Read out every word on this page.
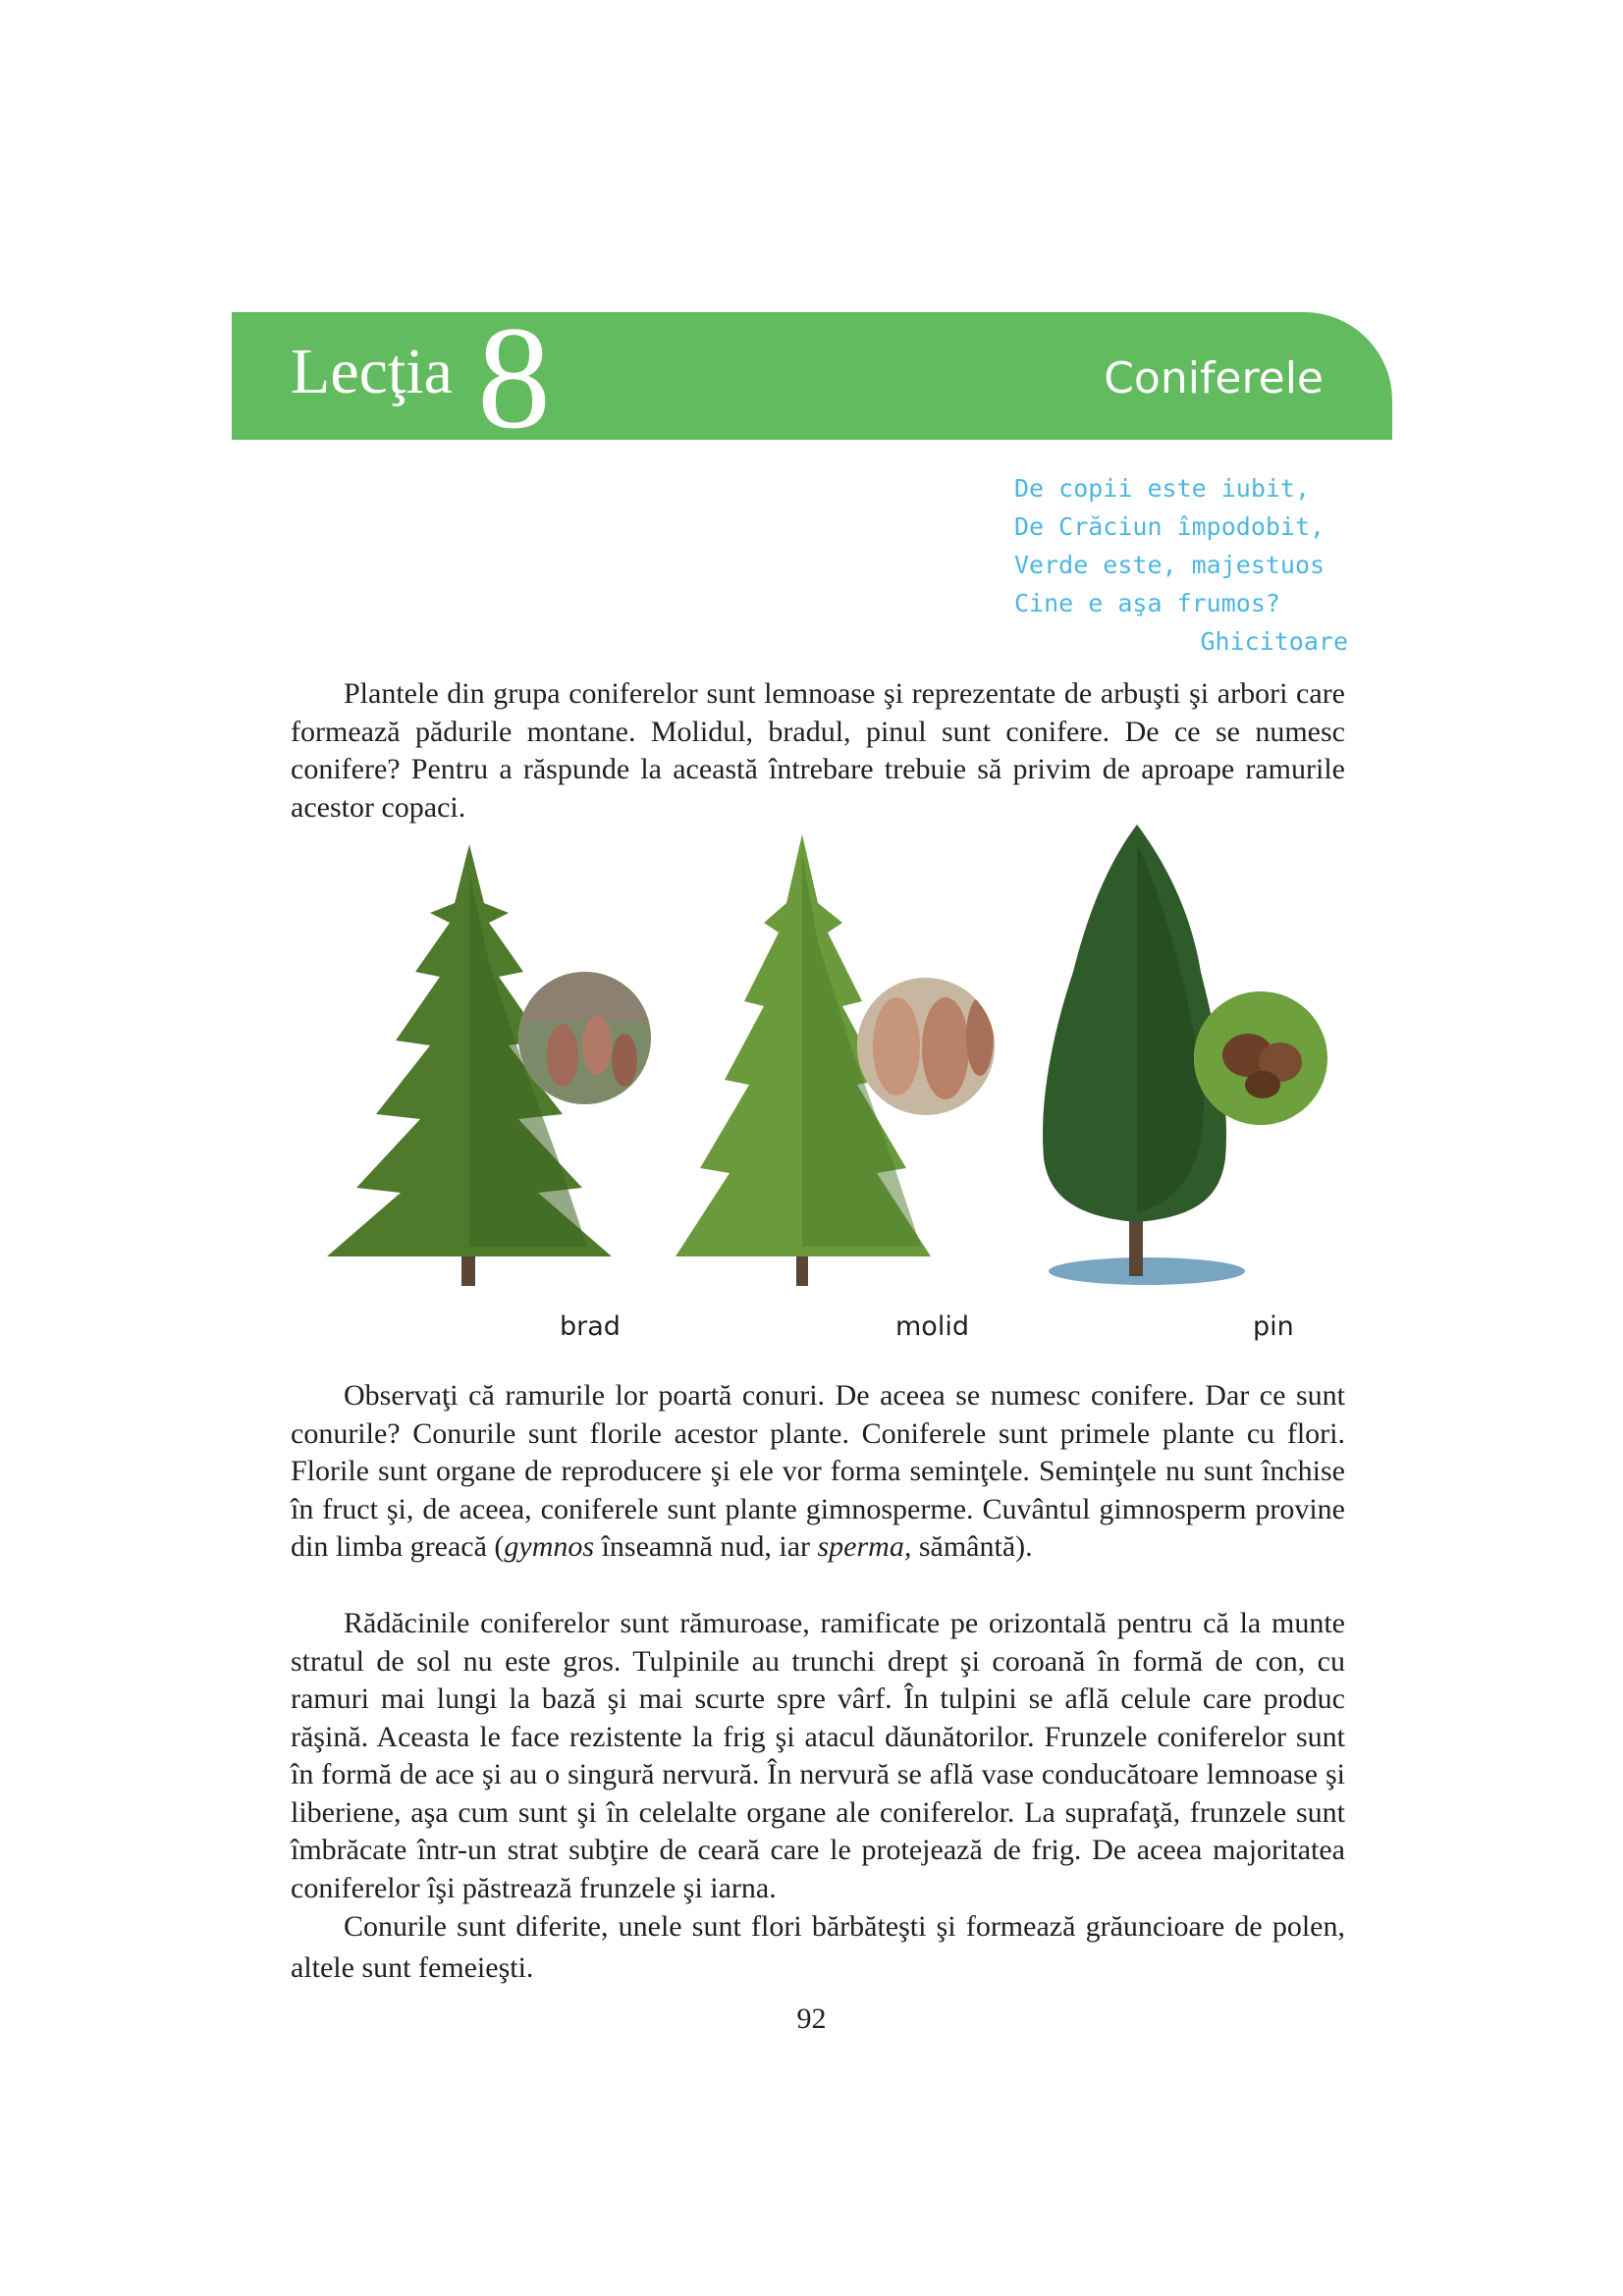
Lecţia 8	Coniferele
De copii este iubit,
De Crăciun împodobit,
Verde este, majestuos
Cine e aşa frumos?
Ghicitoare
Plantele din grupa coniferelor sunt lemnoase şi reprezentate de arbuşti şi arbori care formează pădurile montane. Molidul, bradul, pinul sunt conifere. De ce se numesc conifere? Pentru a răspunde la această întrebare trebuie să privim de aproape ramurile acestor copaci.
brad	molid	pin
Observaţi că ramurile lor poartă conuri. De aceea se numesc conifere. Dar ce sunt conurile? Conurile sunt florile acestor plante. Coniferele sunt primele plante cu flori. Florile sunt organe de reproducere şi ele vor forma seminţele. Seminţele nu sunt închise în fruct şi, de aceea, coniferele sunt plante gimnosperme. Cuvântul gimnosperm provine din limba greacă (gymnos înseamnă nud, iar sperma, sământă).
Rădăcinile coniferelor sunt rămuroase, ramificate pe orizontală pentru că la munte stratul de sol nu este gros. Tulpinile au trunchi drept şi coroană în formă de con, cu ramuri mai lungi la bază şi mai scurte spre vârf. În tulpini se află celule care produc răşină. Aceasta le face rezistente la frig şi atacul dăunătorilor. Frunzele coniferelor sunt în formă de ace şi au o singură nervură. În nervură se află vase conducătoare lemnoase şi liberiene, aşa cum sunt şi în celelalte organe ale coniferelor. La suprafaţă, frunzele sunt îmbrăcate într-un strat subţire de ceară care le protejează de frig. De aceea majoritatea coniferelor îşi păstrează frunzele şi iarna.
Conurile sunt diferite, unele sunt flori bărbăteşti şi formează grăuncioare de polen, altele sunt femeieşti.
92
